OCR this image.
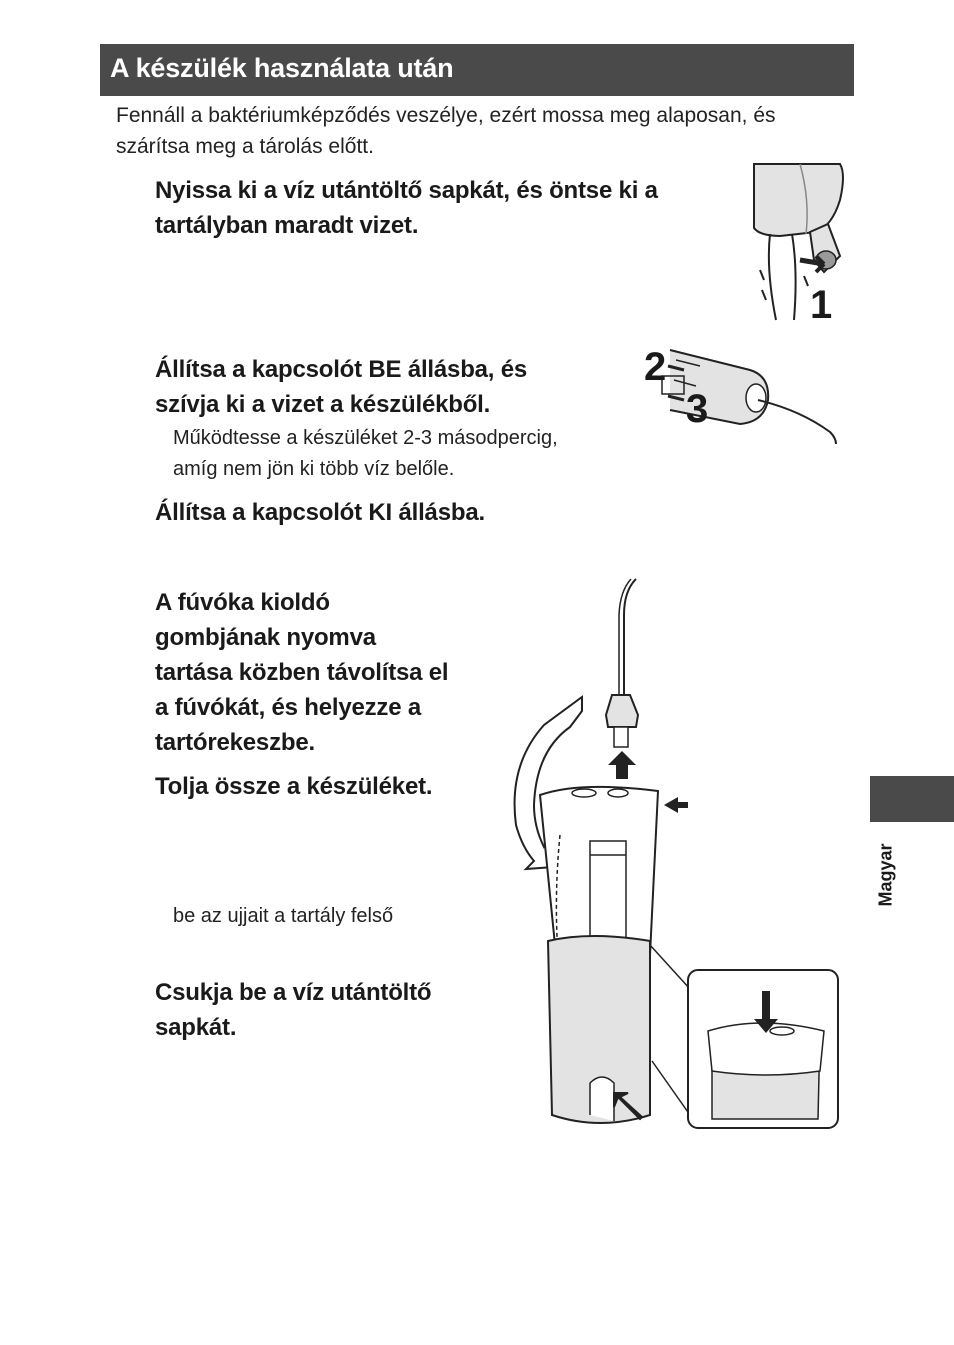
A készülék használata után
Fennáll a baktériumképződés veszélye, ezért mossa meg alaposan, és
szárítsa meg a tárolás előtt.
Nyissa ki a víz utántöltő sapkát, és öntse ki a
tartályban maradt vizet.
Állítsa a kapcsolót BE állásba, és
szívja ki a vizet a készülékből.
Működtesse a készüléket 2-3 másodpercig,
amíg nem jön ki több víz belőle.
Állítsa a kapcsolót KI állásba.
A fúvóka kioldó
gombjának nyomva
tartása közben távolítsa el
a fúvókát, és helyezze a
tartórekeszbe.
Tolja össze a készüléket.
be az ujjait a tartály felső
Csukja be a víz utántöltő
sapkát.
Magyar
1
2
3
